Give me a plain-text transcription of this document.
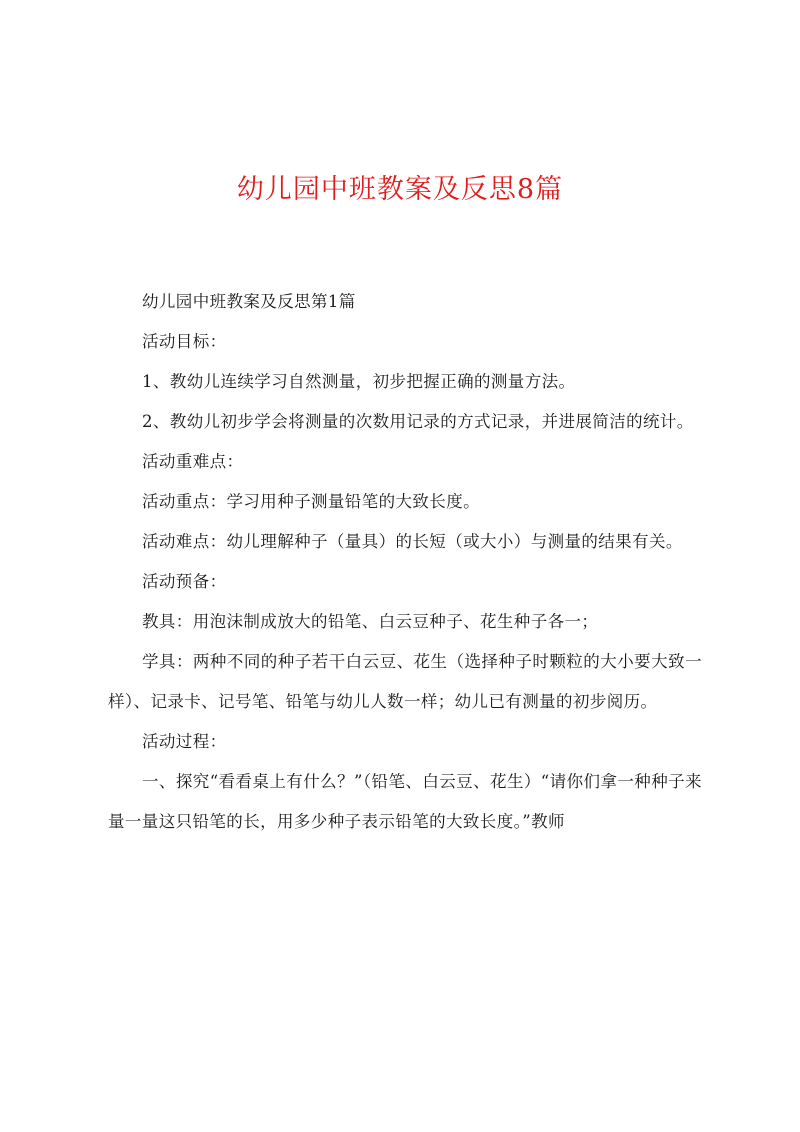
幼儿园中班教案及反思8篇

幼儿园中班教案及反思第1篇

活动目标：

1、教幼儿连续学习自然测量，初步把握正确的测量方法。

2、教幼儿初步学会将测量的次数用记录的方式记录，并进展简洁的统计。

活动重难点：

活动重点：学习用种子测量铅笔的大致长度。

活动难点：幼儿理解种子（量具）的长短（或大小）与测量的结果有关。

活动预备：

教具：用泡沫制成放大的铅笔、白云豆种子、花生种子各一；

学具：两种不同的种子若干白云豆、花生（选择种子时颗粒的大小要大致一样）、记录卡、记号笔、铅笔与幼儿人数一样；幼儿已有测量的初步阅历。

活动过程：

一、探究“看看桌上有什么？”（铅笔、白云豆、花生）“请你们拿一种种子来量一量这只铅笔的长，用多少种子表示铅笔的大致长度。”教师
